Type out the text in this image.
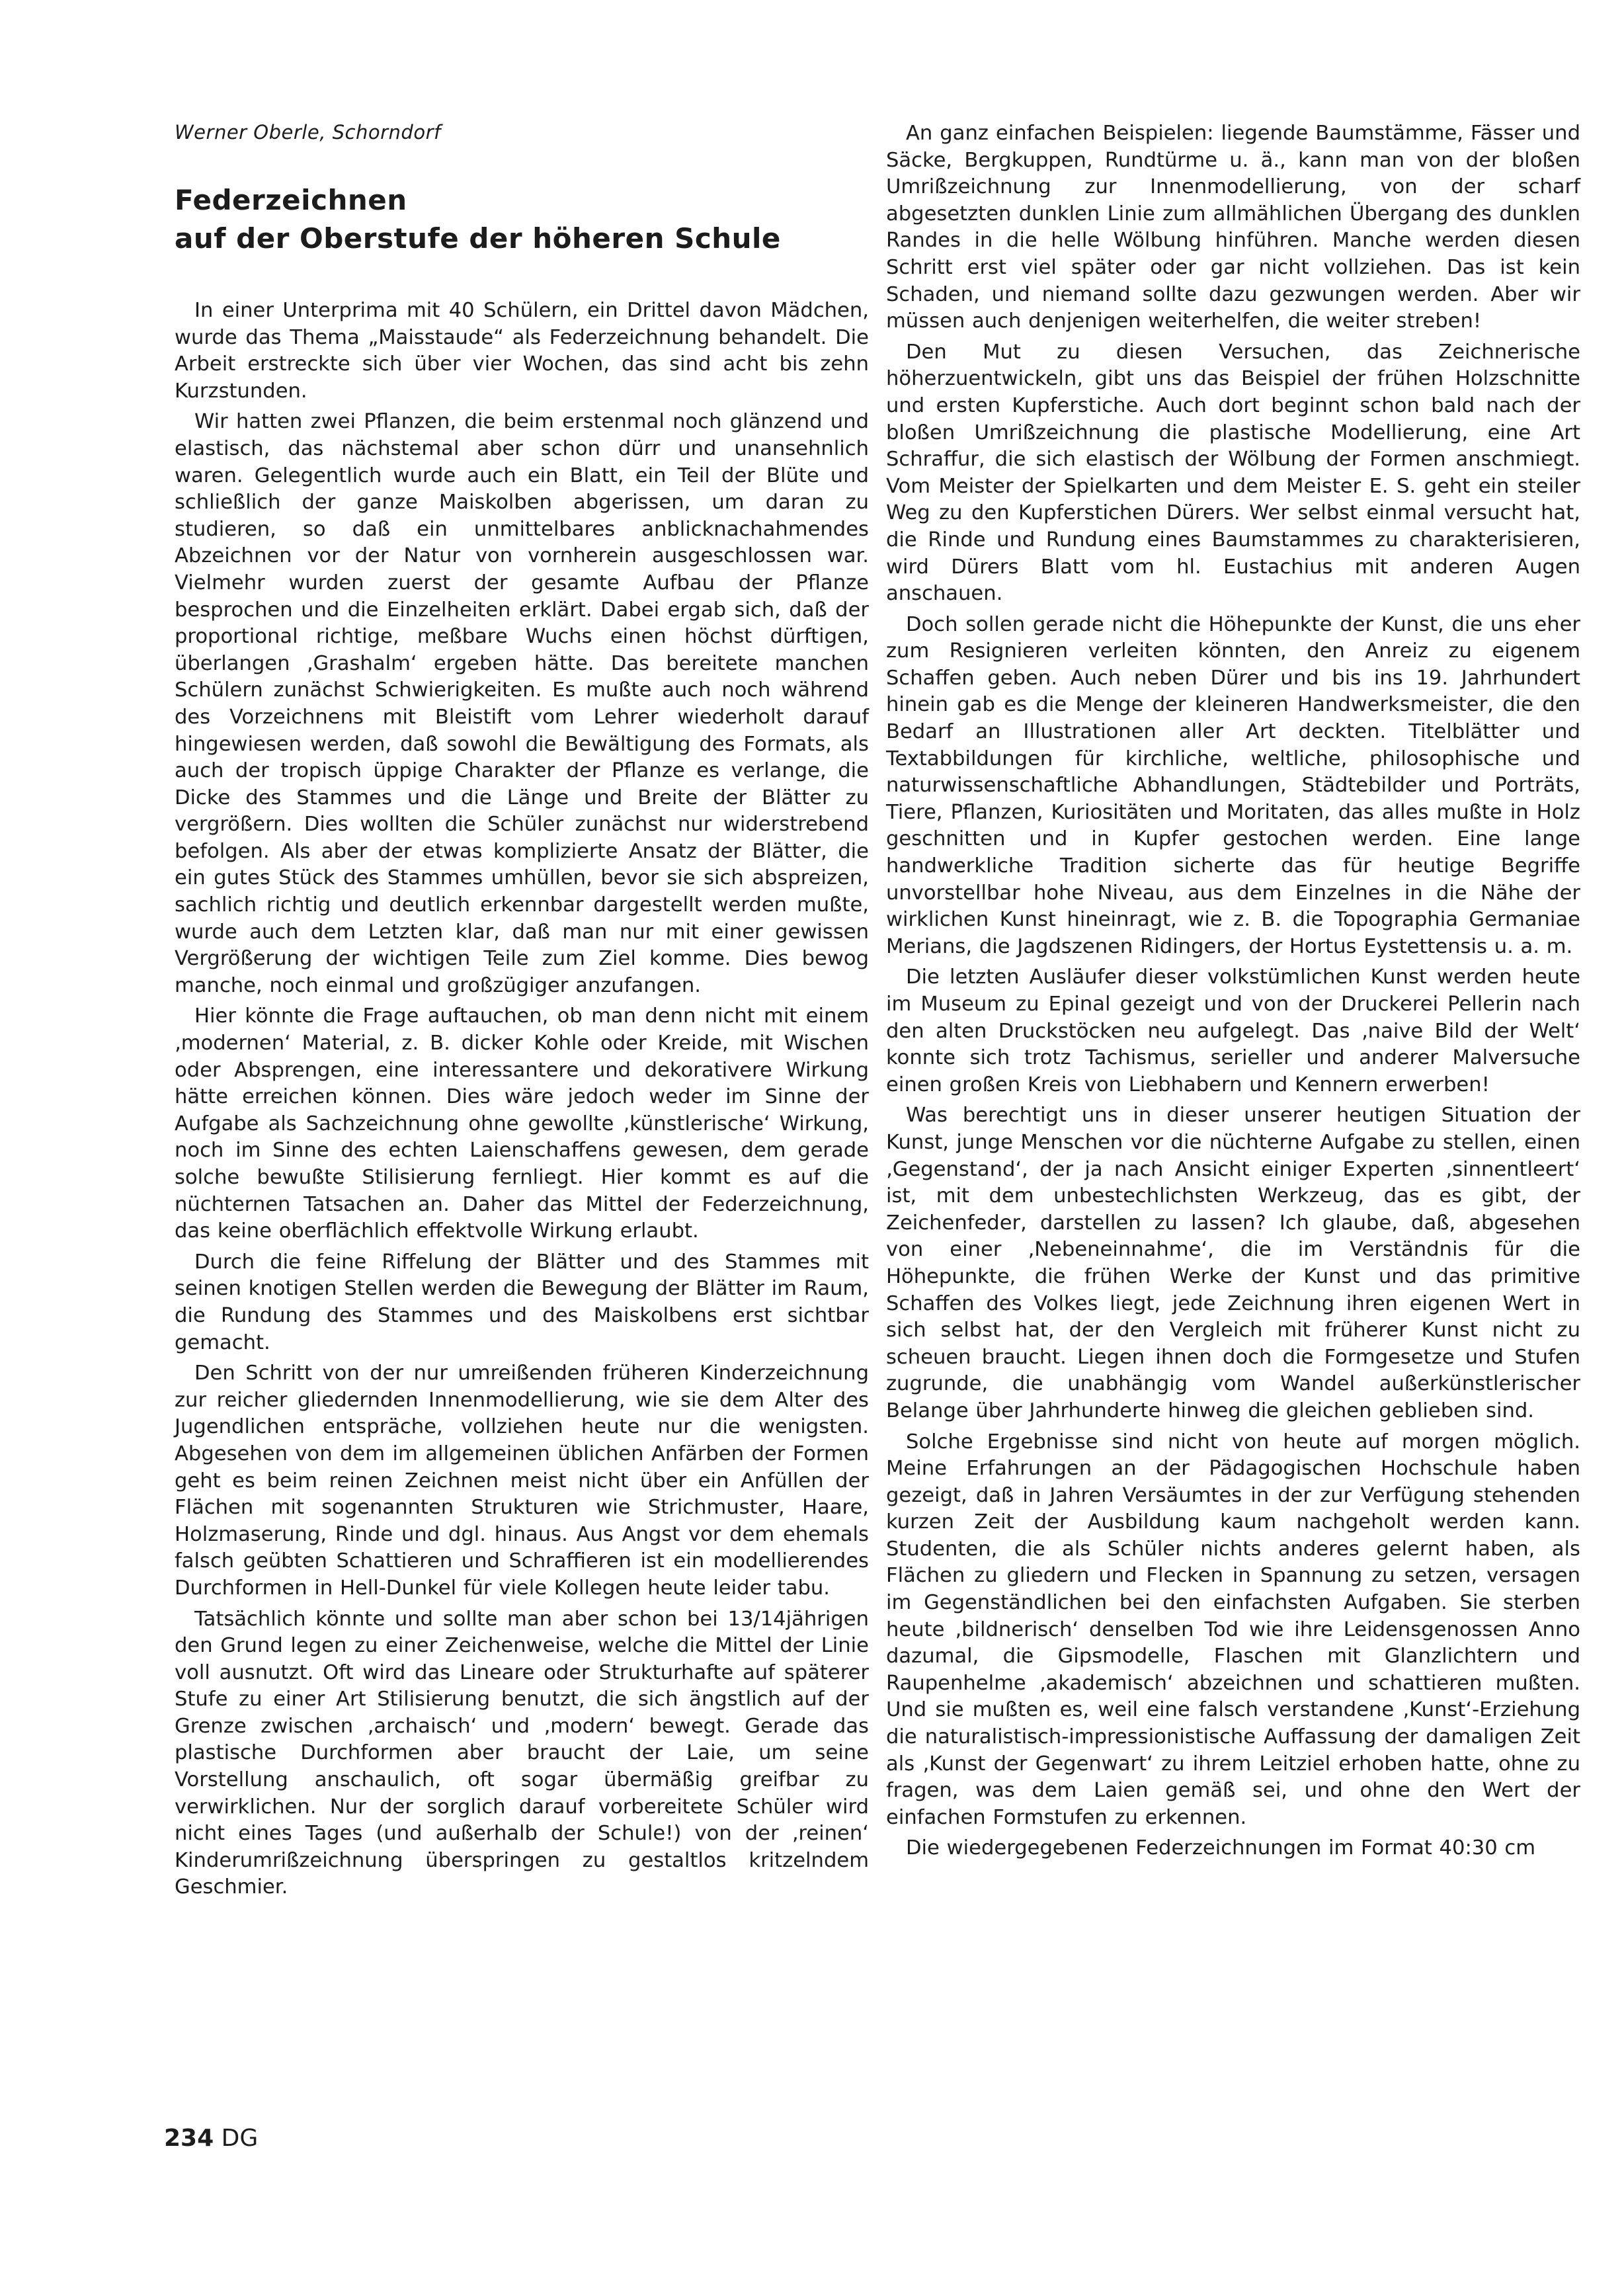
Werner Oberle, Schorndorf

Federzeichnen
auf der Oberstufe der höheren Schule

In einer Unterprima mit 40 Schülern, ein Drittel davon Mädchen, wurde das Thema „Maisstaude“ als Federzeichnung behandelt. Die Arbeit erstreckte sich über vier Wochen, das sind acht bis zehn Kurzstunden.

Wir hatten zwei Pflanzen, die beim erstenmal noch glänzend und elastisch, das nächstemal aber schon dürr und unansehnlich waren. Gelegentlich wurde auch ein Blatt, ein Teil der Blüte und schließlich der ganze Maiskolben abgerissen, um daran zu studieren, so daß ein unmittelbares anblicknachahmendes Abzeichnen vor der Natur von vornherein ausgeschlossen war. Vielmehr wurden zuerst der gesamte Aufbau der Pflanze besprochen und die Einzelheiten erklärt. Dabei ergab sich, daß der proportional richtige, meßbare Wuchs einen höchst dürftigen, überlangen ‚Grashalm‘ ergeben hätte. Das bereitete manchen Schülern zunächst Schwierigkeiten. Es mußte auch noch während des Vorzeichnens mit Bleistift vom Lehrer wiederholt darauf hingewiesen werden, daß sowohl die Bewältigung des Formats, als auch der tropisch üppige Charakter der Pflanze es verlange, die Dicke des Stammes und die Länge und Breite der Blätter zu vergrößern. Dies wollten die Schüler zunächst nur widerstrebend befolgen. Als aber der etwas komplizierte Ansatz der Blätter, die ein gutes Stück des Stammes umhüllen, bevor sie sich abspreizen, sachlich richtig und deutlich erkennbar dargestellt werden mußte, wurde auch dem Letzten klar, daß man nur mit einer gewissen Vergrößerung der wichtigen Teile zum Ziel komme. Dies bewog manche, noch einmal und großzügiger anzufangen.

Hier könnte die Frage auftauchen, ob man denn nicht mit einem ‚modernen‘ Material, z. B. dicker Kohle oder Kreide, mit Wischen oder Absprengen, eine interessantere und dekorativere Wirkung hätte erreichen können. Dies wäre jedoch weder im Sinne der Aufgabe als Sachzeichnung ohne gewollte ‚künstlerische‘ Wirkung, noch im Sinne des echten Laienschaffens gewesen, dem gerade solche bewußte Stilisierung fernliegt. Hier kommt es auf die nüchternen Tatsachen an. Daher das Mittel der Federzeichnung, das keine oberflächlich effektvolle Wirkung erlaubt.

Durch die feine Riffelung der Blätter und des Stammes mit seinen knotigen Stellen werden die Bewegung der Blätter im Raum, die Rundung des Stammes und des Maiskolbens erst sichtbar gemacht.

Den Schritt von der nur umreißenden früheren Kinderzeichnung zur reicher gliedernden Innenmodellierung, wie sie dem Alter des Jugendlichen entspräche, vollziehen heute nur die wenigsten. Abgesehen von dem im allgemeinen üblichen Anfärben der Formen geht es beim reinen Zeichnen meist nicht über ein Anfüllen der Flächen mit sogenannten Strukturen wie Strichmuster, Haare, Holzmaserung, Rinde und dgl. hinaus. Aus Angst vor dem ehemals falsch geübten Schattieren und Schraffieren ist ein modellierendes Durchformen in Hell-Dunkel für viele Kollegen heute leider tabu.

Tatsächlich könnte und sollte man aber schon bei 13/14jährigen den Grund legen zu einer Zeichenweise, welche die Mittel der Linie voll ausnutzt. Oft wird das Lineare oder Strukturhafte auf späterer Stufe zu einer Art Stilisierung benutzt, die sich ängstlich auf der Grenze zwischen ‚archaisch‘ und ‚modern‘ bewegt. Gerade das plastische Durchformen aber braucht der Laie, um seine Vorstellung anschaulich, oft sogar übermäßig greifbar zu verwirklichen. Nur der sorglich darauf vorbereitete Schüler wird nicht eines Tages (und außerhalb der Schule!) von der ‚reinen‘ Kinderumrißzeichnung überspringen zu gestaltlos kritzelndem Geschmier.

An ganz einfachen Beispielen: liegende Baumstämme, Fässer und Säcke, Bergkuppen, Rundtürme u. ä., kann man von der bloßen Umrißzeichnung zur Innenmodellierung, von der scharf abgesetzten dunklen Linie zum allmählichen Übergang des dunklen Randes in die helle Wölbung hinführen. Manche werden diesen Schritt erst viel später oder gar nicht vollziehen. Das ist kein Schaden, und niemand sollte dazu gezwungen werden. Aber wir müssen auch denjenigen weiterhelfen, die weiter streben!

Den Mut zu diesen Versuchen, das Zeichnerische höherzuentwickeln, gibt uns das Beispiel der frühen Holzschnitte und ersten Kupferstiche. Auch dort beginnt schon bald nach der bloßen Umrißzeichnung die plastische Modellierung, eine Art Schraffur, die sich elastisch der Wölbung der Formen anschmiegt. Vom Meister der Spielkarten und dem Meister E. S. geht ein steiler Weg zu den Kupferstichen Dürers. Wer selbst einmal versucht hat, die Rinde und Rundung eines Baumstammes zu charakterisieren, wird Dürers Blatt vom hl. Eustachius mit anderen Augen anschauen.

Doch sollen gerade nicht die Höhepunkte der Kunst, die uns eher zum Resignieren verleiten könnten, den Anreiz zu eigenem Schaffen geben. Auch neben Dürer und bis ins 19. Jahrhundert hinein gab es die Menge der kleineren Handwerksmeister, die den Bedarf an Illustrationen aller Art deckten. Titelblätter und Textabbildungen für kirchliche, weltliche, philosophische und naturwissenschaftliche Abhandlungen, Städtebilder und Porträts, Tiere, Pflanzen, Kuriositäten und Moritaten, das alles mußte in Holz geschnitten und in Kupfer gestochen werden. Eine lange handwerkliche Tradition sicherte das für heutige Begriffe unvorstellbar hohe Niveau, aus dem Einzelnes in die Nähe der wirklichen Kunst hineinragt, wie z. B. die Topographia Germaniae Merians, die Jagdszenen Ridingers, der Hortus Eystettensis u. a. m.

Die letzten Ausläufer dieser volkstümlichen Kunst werden heute im Museum zu Epinal gezeigt und von der Druckerei Pellerin nach den alten Druckstöcken neu aufgelegt. Das ‚naive Bild der Welt‘ konnte sich trotz Tachismus, serieller und anderer Malversuche einen großen Kreis von Liebhabern und Kennern erwerben!

Was berechtigt uns in dieser unserer heutigen Situation der Kunst, junge Menschen vor die nüchterne Aufgabe zu stellen, einen ‚Gegenstand‘, der ja nach Ansicht einiger Experten ‚sinnentleert‘ ist, mit dem unbestechlichsten Werkzeug, das es gibt, der Zeichenfeder, darstellen zu lassen? Ich glaube, daß, abgesehen von einer ‚Nebeneinnahme‘, die im Verständnis für die Höhepunkte, die frühen Werke der Kunst und das primitive Schaffen des Volkes liegt, jede Zeichnung ihren eigenen Wert in sich selbst hat, der den Vergleich mit früherer Kunst nicht zu scheuen braucht. Liegen ihnen doch die Formgesetze und Stufen zugrunde, die unabhängig vom Wandel außerkünstlerischer Belange über Jahrhunderte hinweg die gleichen geblieben sind.

Solche Ergebnisse sind nicht von heute auf morgen möglich. Meine Erfahrungen an der Pädagogischen Hochschule haben gezeigt, daß in Jahren Versäumtes in der zur Verfügung stehenden kurzen Zeit der Ausbildung kaum nachgeholt werden kann. Studenten, die als Schüler nichts anderes gelernt haben, als Flächen zu gliedern und Flecken in Spannung zu setzen, versagen im Gegenständlichen bei den einfachsten Aufgaben. Sie sterben heute ‚bildnerisch‘ denselben Tod wie ihre Leidensgenossen Anno dazumal, die Gipsmodelle, Flaschen mit Glanzlichtern und Raupenhelme ‚akademisch‘ abzeichnen und schattieren mußten. Und sie mußten es, weil eine falsch verstandene ‚Kunst‘-Erziehung die naturalistisch-impressionistische Auffassung der damaligen Zeit als ‚Kunst der Gegenwart‘ zu ihrem Leitziel erhoben hatte, ohne zu fragen, was dem Laien gemäß sei, und ohne den Wert der einfachen Formstufen zu erkennen.

Die wiedergegebenen Federzeichnungen im Format 40:30 cm

234 DG
